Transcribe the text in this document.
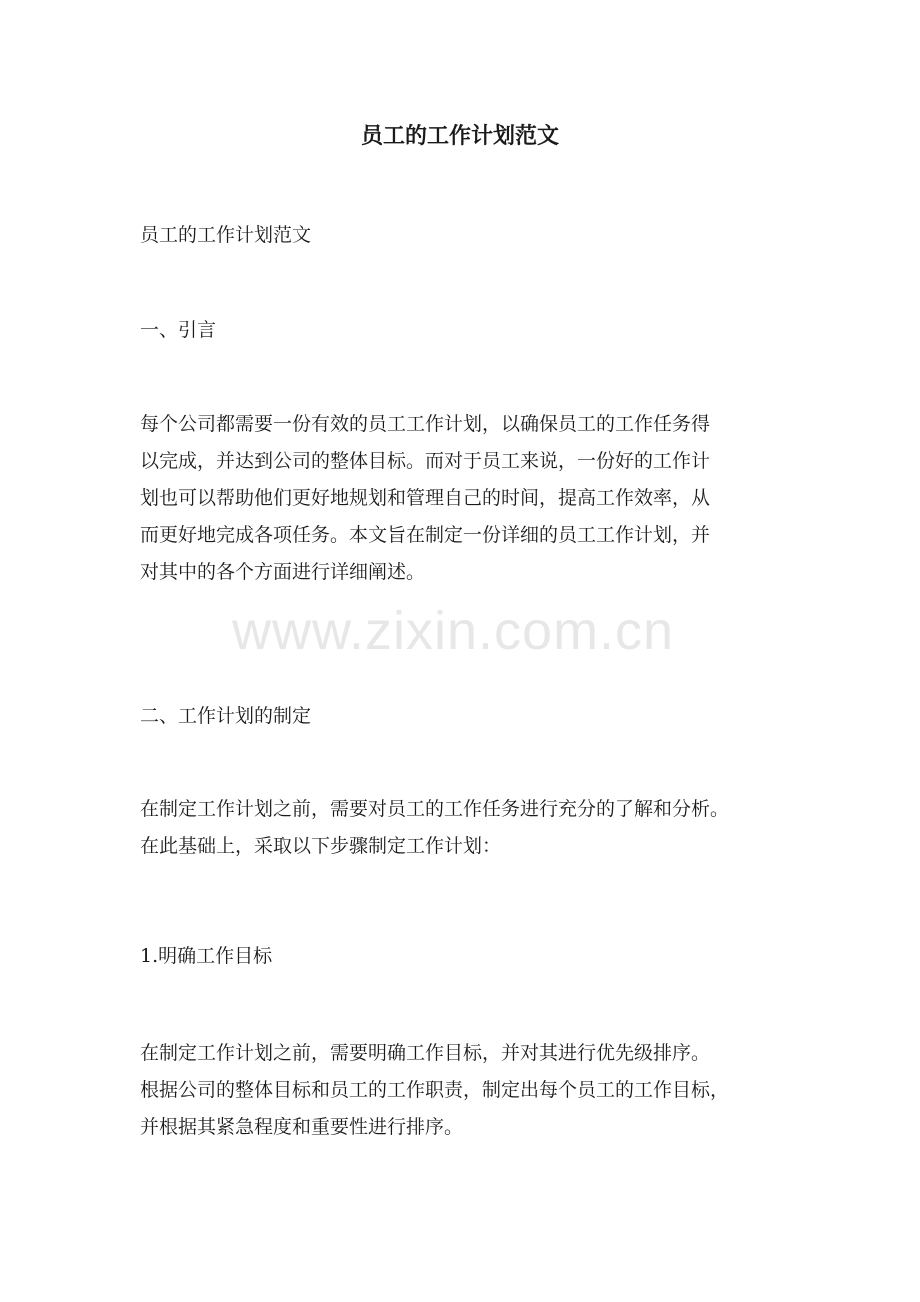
员工的工作计划范文
员工的工作计划范文
一、引言

每个公司都需要一份有效的员工工作计划，以确保员工的工作任务得

以完成，并达到公司的整体目标。而对于员工来说，一份好的工作计

划也可以帮助他们更好地规划和管理自己的时间，提高工作效率，从

而更好地完成各项任务。本文旨在制定一份详细的员工工作计划，并

对其中的各个方面进行详细阐述。

二、工作计划的制定

在制定工作计划之前，需要对员工的工作任务进行充分的了解和分析。

在此基础上，采取以下步骤制定工作计划：

1.明确工作目标

在制定工作计划之前，需要明确工作目标，并对其进行优先级排序。

根据公司的整体目标和员工的工作职责，制定出每个员工的工作目标，

并根据其紧急程度和重要性进行排序。

www.zixin.com.cn
